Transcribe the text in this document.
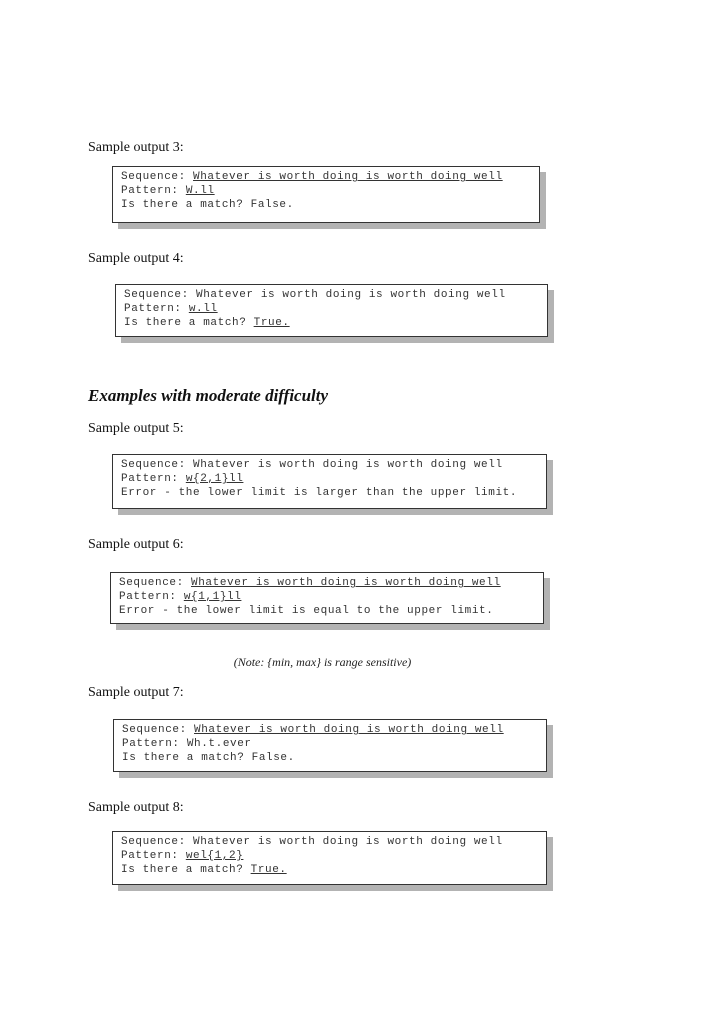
Sample output 3:
Sequence: Whatever is worth doing is worth doing well
Pattern: W.ll
Is there a match? False.
Sample output 4:
Sequence: Whatever is worth doing is worth doing well
Pattern: w.ll
Is there a match? True.
Examples with moderate difficulty
Sample output 5:
Sequence: Whatever is worth doing is worth doing well
Pattern: w{2,1}ll
Error - the lower limit is larger than the upper limit.
Sample output 6:
Sequence: Whatever is worth doing is worth doing well
Pattern: w{1,1}ll
Error - the lower limit is equal to the upper limit.
(Note: {min, max} is range sensitive)
Sample output 7:
Sequence: Whatever is worth doing is worth doing well
Pattern: Wh.t.ever
Is there a match? False.
Sample output 8:
Sequence: Whatever is worth doing is worth doing well
Pattern: wel{1,2}
Is there a match? True.
